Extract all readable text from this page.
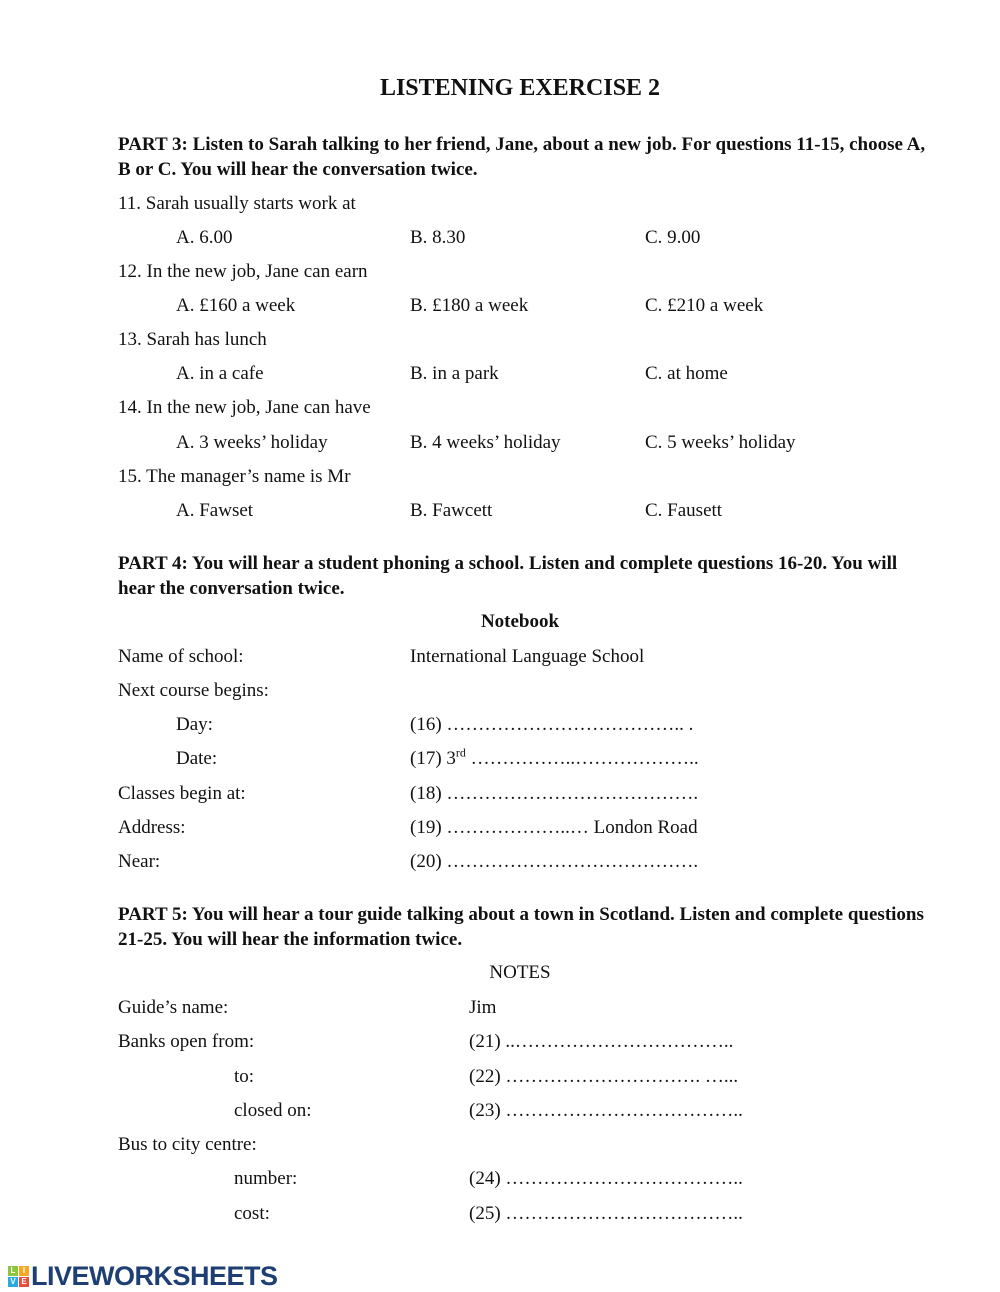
LISTENING EXERCISE 2
PART 3: Listen to Sarah talking to her friend, Jane, about a new job. For questions 11-15, choose A, B or C. You will hear the conversation twice.
11. Sarah usually starts work at
A. 6.00	B. 8.30	C. 9.00
12. In the new job, Jane can earn
A. £160 a week	B. £180 a week	C. £210 a week
13. Sarah has lunch
A. in a cafe	B. in a park	C. at home
14. In the new job, Jane can have
A. 3 weeks’ holiday	B. 4 weeks’ holiday	C. 5 weeks’ holiday
15. The manager’s name is Mr
A. Fawset	B. Fawcett	C. Fausett
PART 4: You will hear a student phoning a school. Listen and complete questions 16-20. You will hear the conversation twice.
Notebook
Name of school:	International Language School
Next course begins:
Day:	(16) ……………………………….. .
Date:	(17) 3rd ……………..………………..
Classes begin at:	(18) ………………………………….
Address:	(19) ………………..… London Road
Near:	(20) ………………………………….
PART 5: You will hear a tour guide talking about a town in Scotland. Listen and complete questions 21-25. You will hear the information twice.
NOTES
Guide’s name:	Jim
Banks open from:	(21) ..……………………………..
to:	(22) …………………………. …...
closed on:	(23) ………………………………..
Bus to city centre:
number:	(24) ………………………………..
cost:	(25) ………………………………..
L I
V E LIVEWORKSHEETS
